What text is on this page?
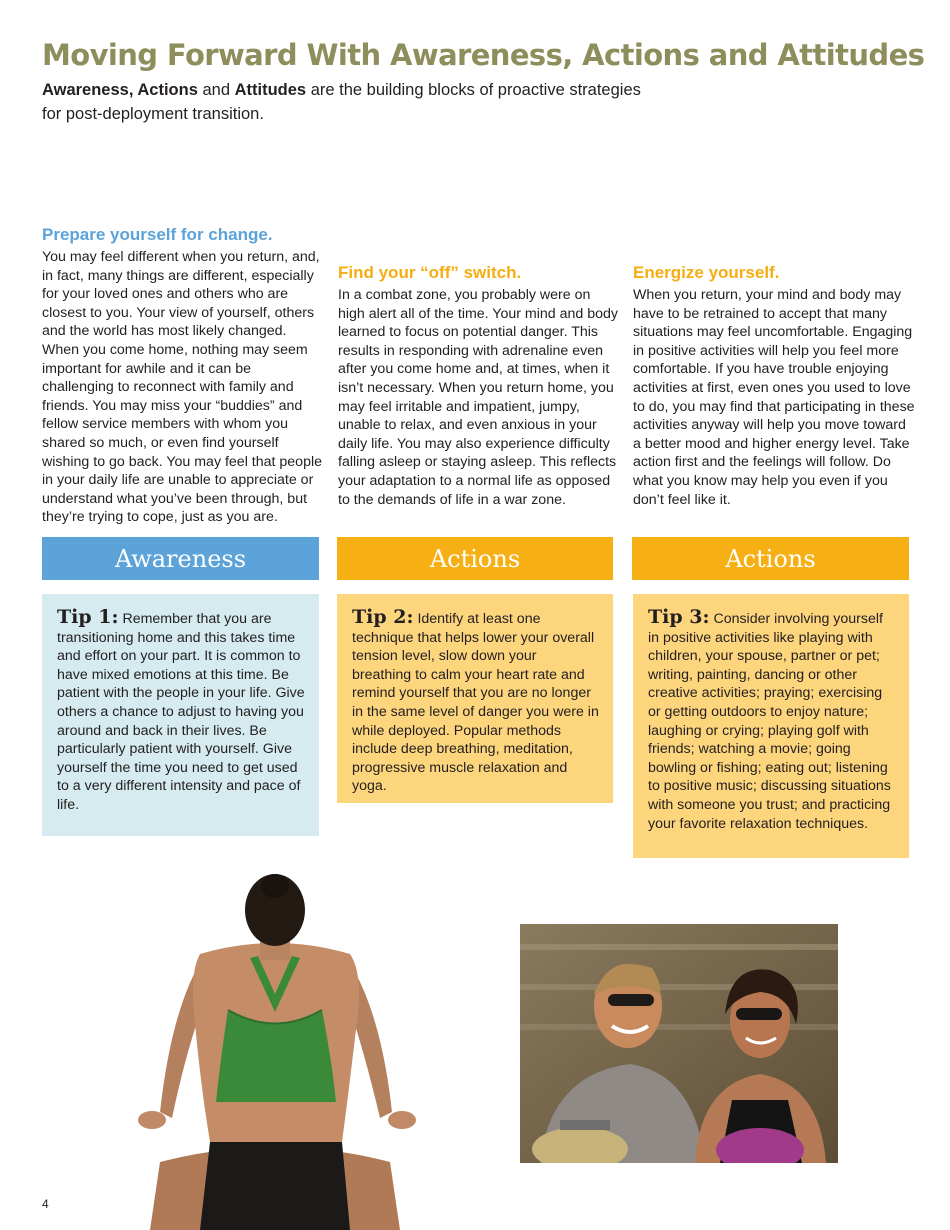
Moving Forward With Awareness, Actions and Attitudes
Awareness, Actions and Attitudes are the building blocks of proactive strategies for post-deployment transition.
Prepare yourself for change.

You may feel different when you return, and, in fact, many things are different, especially for your loved ones and others who are closest to you. Your view of yourself, others and the world has most likely changed. When you come home, nothing may seem important for awhile and it can be challenging to reconnect with family and friends. You may miss your “buddies” and fellow service members with whom you shared so much, or even find yourself wishing to go back. You may feel that people in your daily life are unable to appreciate or understand what you’ve been through, but they’re trying to cope, just as you are.

Find your “off” switch.

In a combat zone, you probably were on high alert all of the time. Your mind and body learned to focus on potential danger. This results in responding with adrenaline even after you come home and, at times, when it isn’t necessary. When you return home, you may feel irritable and impatient, jumpy, unable to relax, and even anxious in your daily life. You may also experience difficulty falling asleep or staying asleep. This reflects your adaptation to a normal life as opposed to the demands of life in a war zone.

Energize yourself.

When you return, your mind and body may have to be retrained to accept that many situations may feel uncomfortable. Engaging in positive activities will help you feel more comfortable. If you have trouble enjoying activities at first, even ones you used to love to do, you may find that participating in these activities anyway will help you move toward a better mood and higher energy level. Take action first and the feelings will follow. Do what you know may help you even if you don’t feel like it.

Awareness	Actions	Actions
Tip 1: Remember that you are transitioning home and this takes time and effort on your part. It is common to have mixed emotions at this time. Be patient with the people in your life. Give others a chance to adjust to having you around and back in their lives. Be particularly patient with yourself. Give yourself the time you need to get used to a very different intensity and pace of life.
Tip 2: Identify at least one technique that helps lower your overall tension level, slow down your breathing to calm your heart rate and remind yourself that you are no longer in the same level of danger you were in while deployed. Popular methods include deep breathing, meditation, progressive muscle relaxation and yoga.
Tip 3: Consider involving yourself in positive activities like playing with children, your spouse, partner or pet; writing, painting, dancing or other creative activities; praying; exercising or getting outdoors to enjoy nature; laughing or crying; playing golf with friends; watching a movie; going bowling or fishing; eating out; listening to positive music; discussing situations with someone you trust; and practicing your favorite relaxation techniques.
4
